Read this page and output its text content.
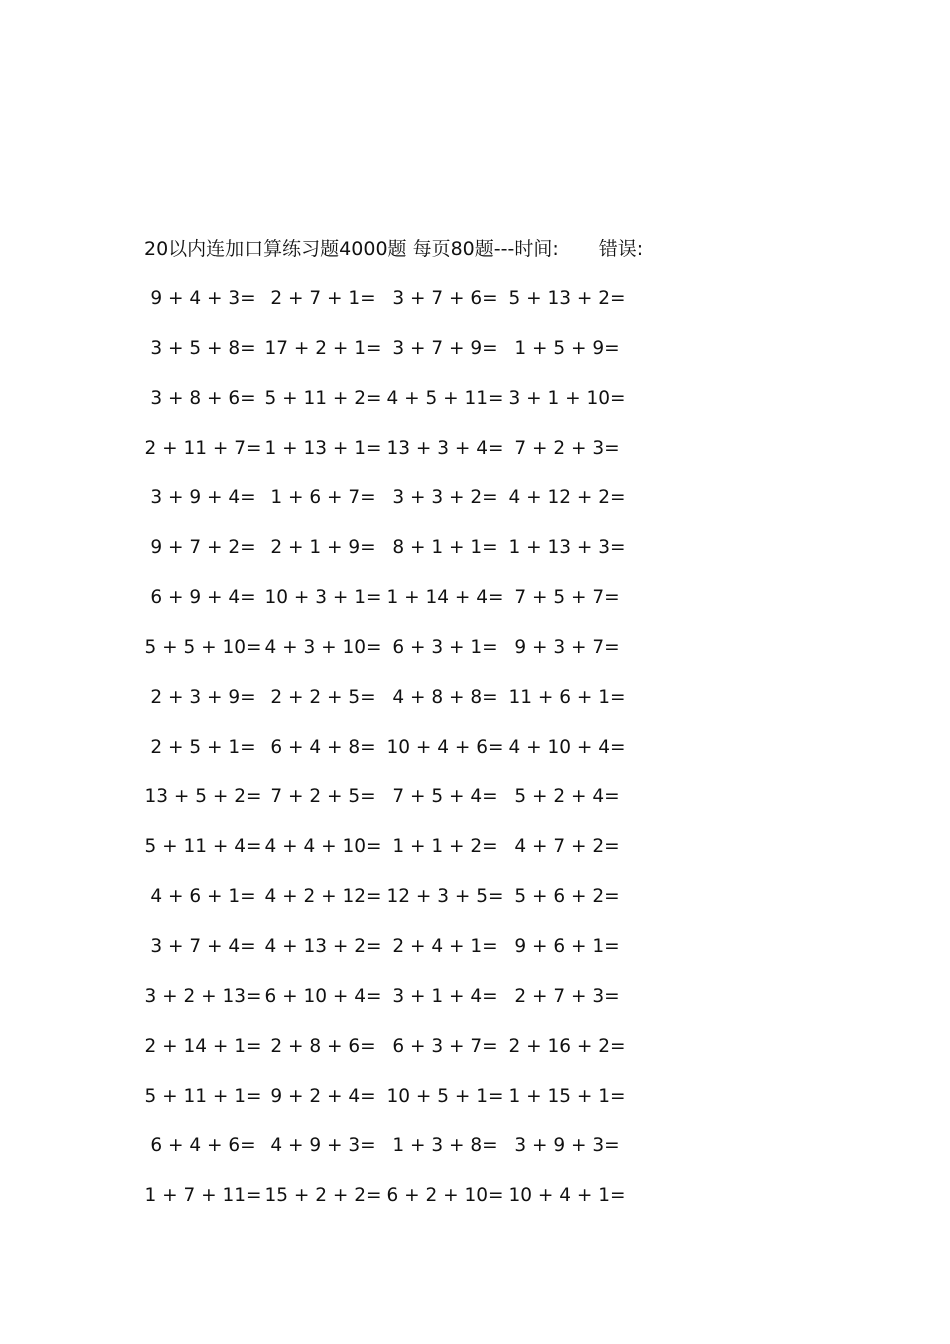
20以内连加口算练习题4000题 每页80题---时间: 错误:
9 + 4 + 3= 2 + 7 + 1= 3 + 7 + 6= 5 + 13 + 2=
3 + 5 + 8= 17 + 2 + 1= 3 + 7 + 9= 1 + 5 + 9=
3 + 8 + 6= 5 + 11 + 2= 4 + 5 + 11= 3 + 1 + 10=
2 + 11 + 7= 1 + 13 + 1= 13 + 3 + 4= 7 + 2 + 3=
3 + 9 + 4= 1 + 6 + 7= 3 + 3 + 2= 4 + 12 + 2=
9 + 7 + 2= 2 + 1 + 9= 8 + 1 + 1= 1 + 13 + 3=
6 + 9 + 4= 10 + 3 + 1= 1 + 14 + 4= 7 + 5 + 7=
5 + 5 + 10= 4 + 3 + 10= 6 + 3 + 1= 9 + 3 + 7=
2 + 3 + 9= 2 + 2 + 5= 4 + 8 + 8= 11 + 6 + 1=
2 + 5 + 1= 6 + 4 + 8= 10 + 4 + 6= 4 + 10 + 4=
13 + 5 + 2= 7 + 2 + 5= 7 + 5 + 4= 5 + 2 + 4=
5 + 11 + 4= 4 + 4 + 10= 1 + 1 + 2= 4 + 7 + 2=
4 + 6 + 1= 4 + 2 + 12= 12 + 3 + 5= 5 + 6 + 2=
3 + 7 + 4= 4 + 13 + 2= 2 + 4 + 1= 9 + 6 + 1=
3 + 2 + 13= 6 + 10 + 4= 3 + 1 + 4= 2 + 7 + 3=
2 + 14 + 1= 2 + 8 + 6= 6 + 3 + 7= 2 + 16 + 2=
5 + 11 + 1= 9 + 2 + 4= 10 + 5 + 1= 1 + 15 + 1=
6 + 4 + 6= 4 + 9 + 3= 1 + 3 + 8= 3 + 9 + 3=
1 + 7 + 11= 15 + 2 + 2= 6 + 2 + 10= 10 + 4 + 1=
